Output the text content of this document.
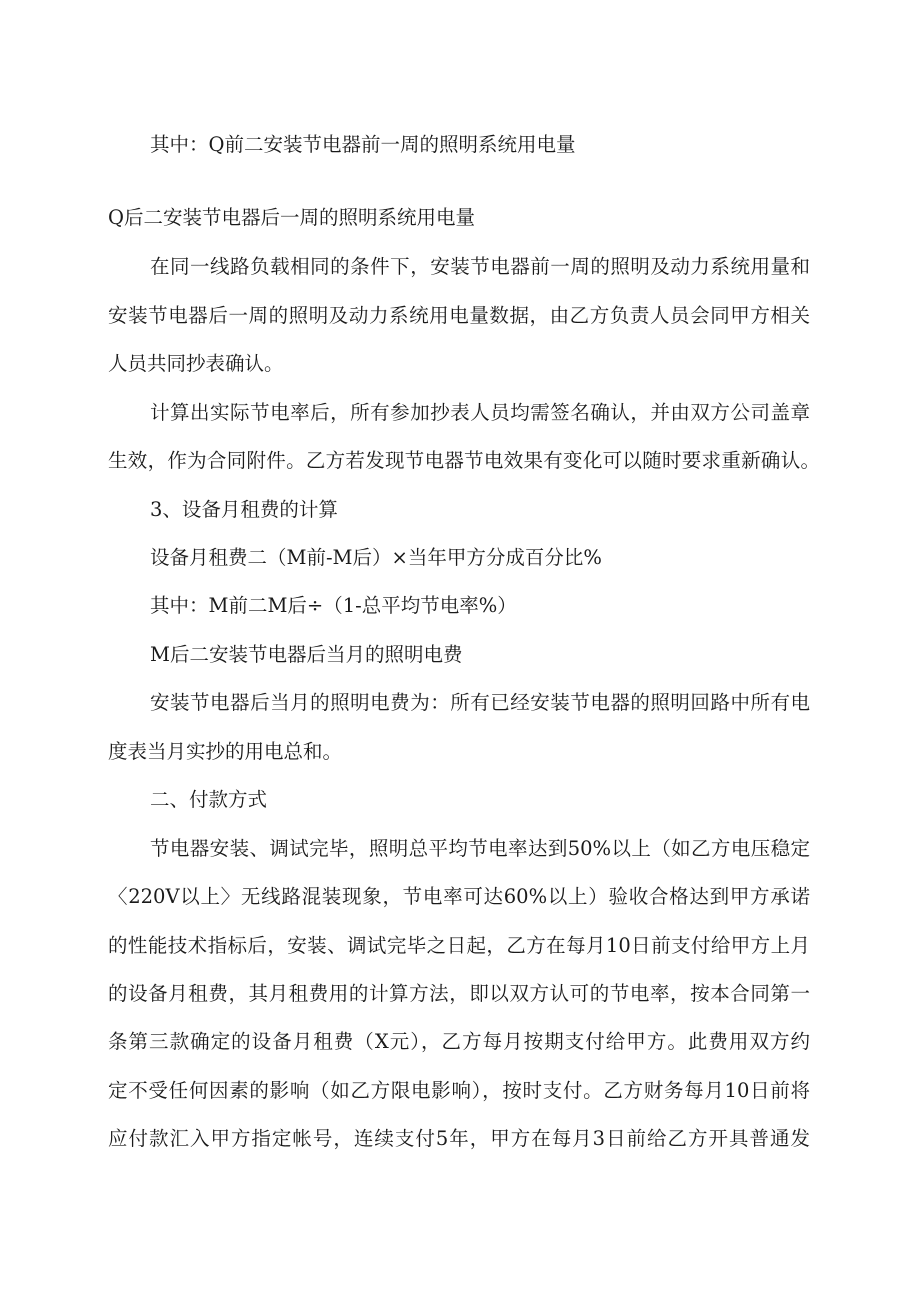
其中：Q前二安装节电器前一周的照明系统用电量

Q后二安装节电器后一周的照明系统用电量

在同一线路负载相同的条件下，安装节电器前一周的照明及动力系统用量和

安装节电器后一周的照明及动力系统用电量数据，由乙方负责人员会同甲方相关

人员共同抄表确认。

计算出实际节电率后，所有参加抄表人员均需签名确认，并由双方公司盖章

生效，作为合同附件。乙方若发现节电器节电效果有变化可以随时要求重新确认。

3、设备月租费的计算

设备月租费二（M前-M后）×当年甲方分成百分比%

其中：M前二M后÷（1-总平均节电率%）

M后二安装节电器后当月的照明电费

安装节电器后当月的照明电费为：所有已经安装节电器的照明回路中所有电

度表当月实抄的用电总和。

二、付款方式

节电器安装、调试完毕，照明总平均节电率达到50%以上（如乙方电压稳定

〈220V以上〉无线路混装现象，节电率可达60%以上）验收合格达到甲方承诺

的性能技术指标后，安装、调试完毕之日起，乙方在每月10日前支付给甲方上月

的设备月租费，其月租费用的计算方法，即以双方认可的节电率，按本合同第一

条第三款确定的设备月租费（X元），乙方每月按期支付给甲方。此费用双方约

定不受任何因素的影响（如乙方限电影响），按时支付。乙方财务每月10日前将

应付款汇入甲方指定帐号，连续支付5年，甲方在每月3日前给乙方开具普通发
